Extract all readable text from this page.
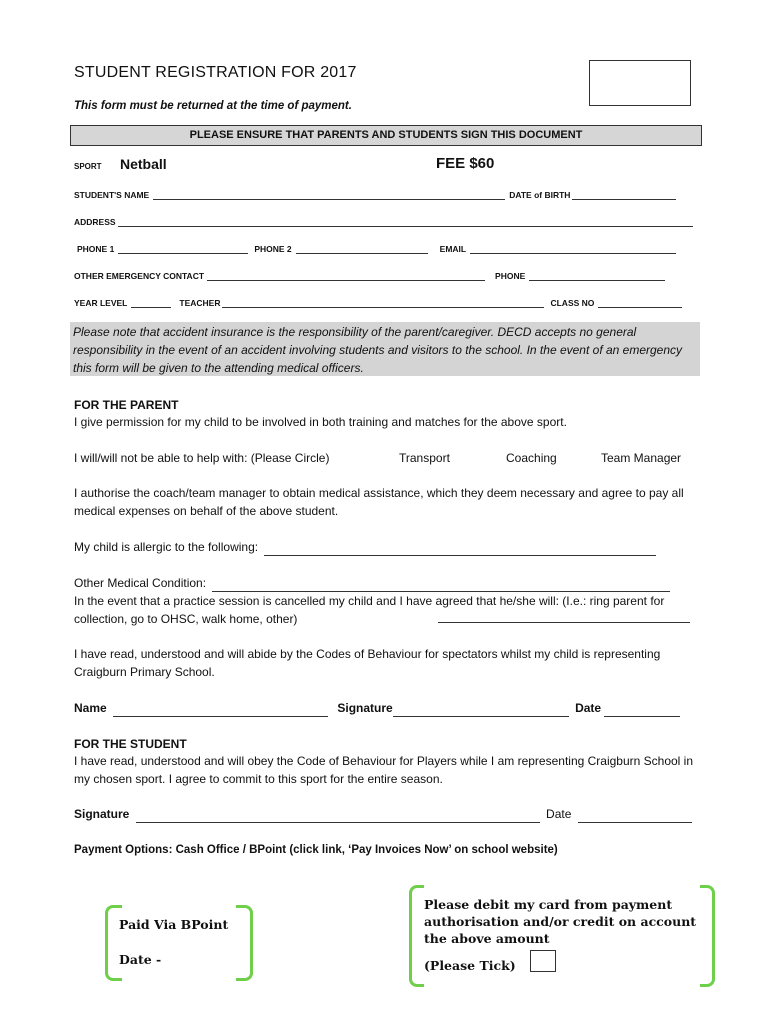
STUDENT REGISTRATION FOR 2017
This form must be returned at the time of payment.
PLEASE ENSURE THAT PARENTS AND STUDENTS SIGN THIS DOCUMENT
SPORT Netball	FEE $60
STUDENT'S NAME	DATE of BIRTH
ADDRESS
PHONE 1	PHONE 2	EMAIL
OTHER EMERGENCY CONTACT	PHONE
YEAR LEVEL	TEACHER	CLASS NO
Please note that accident insurance is the responsibility of the parent/caregiver. DECD accepts no general responsibility in the event of an accident involving students and visitors to the school. In the event of an emergency this form will be given to the attending medical officers.
FOR THE PARENT
I give permission for my child to be involved in both training and matches for the above sport.
I will/will not be able to help with: (Please Circle)	Transport	Coaching	Team Manager
I authorise the coach/team manager to obtain medical assistance, which they deem necessary and agree to pay all medical expenses on behalf of the above student.
My child is allergic to the following:
Other Medical Condition:
In the event that a practice session is cancelled my child and I have agreed that he/she will: (I.e.: ring parent for collection, go to OHSC, walk home, other)
I have read, understood and will abide by the Codes of Behaviour for spectators whilst my child is representing Craigburn Primary School.
Name	Signature	Date
FOR THE STUDENT
I have read, understood and will obey the Code of Behaviour for Players while I am representing Craigburn School in my chosen sport. I agree to commit to this sport for the entire season.
Signature	Date
Payment Options: Cash Office / BPoint (click link, ‘Pay Invoices Now’ on school website)
Paid Via BPoint
Date -
Please debit my card from payment authorisation and/or credit on account the above amount
(Please Tick)
